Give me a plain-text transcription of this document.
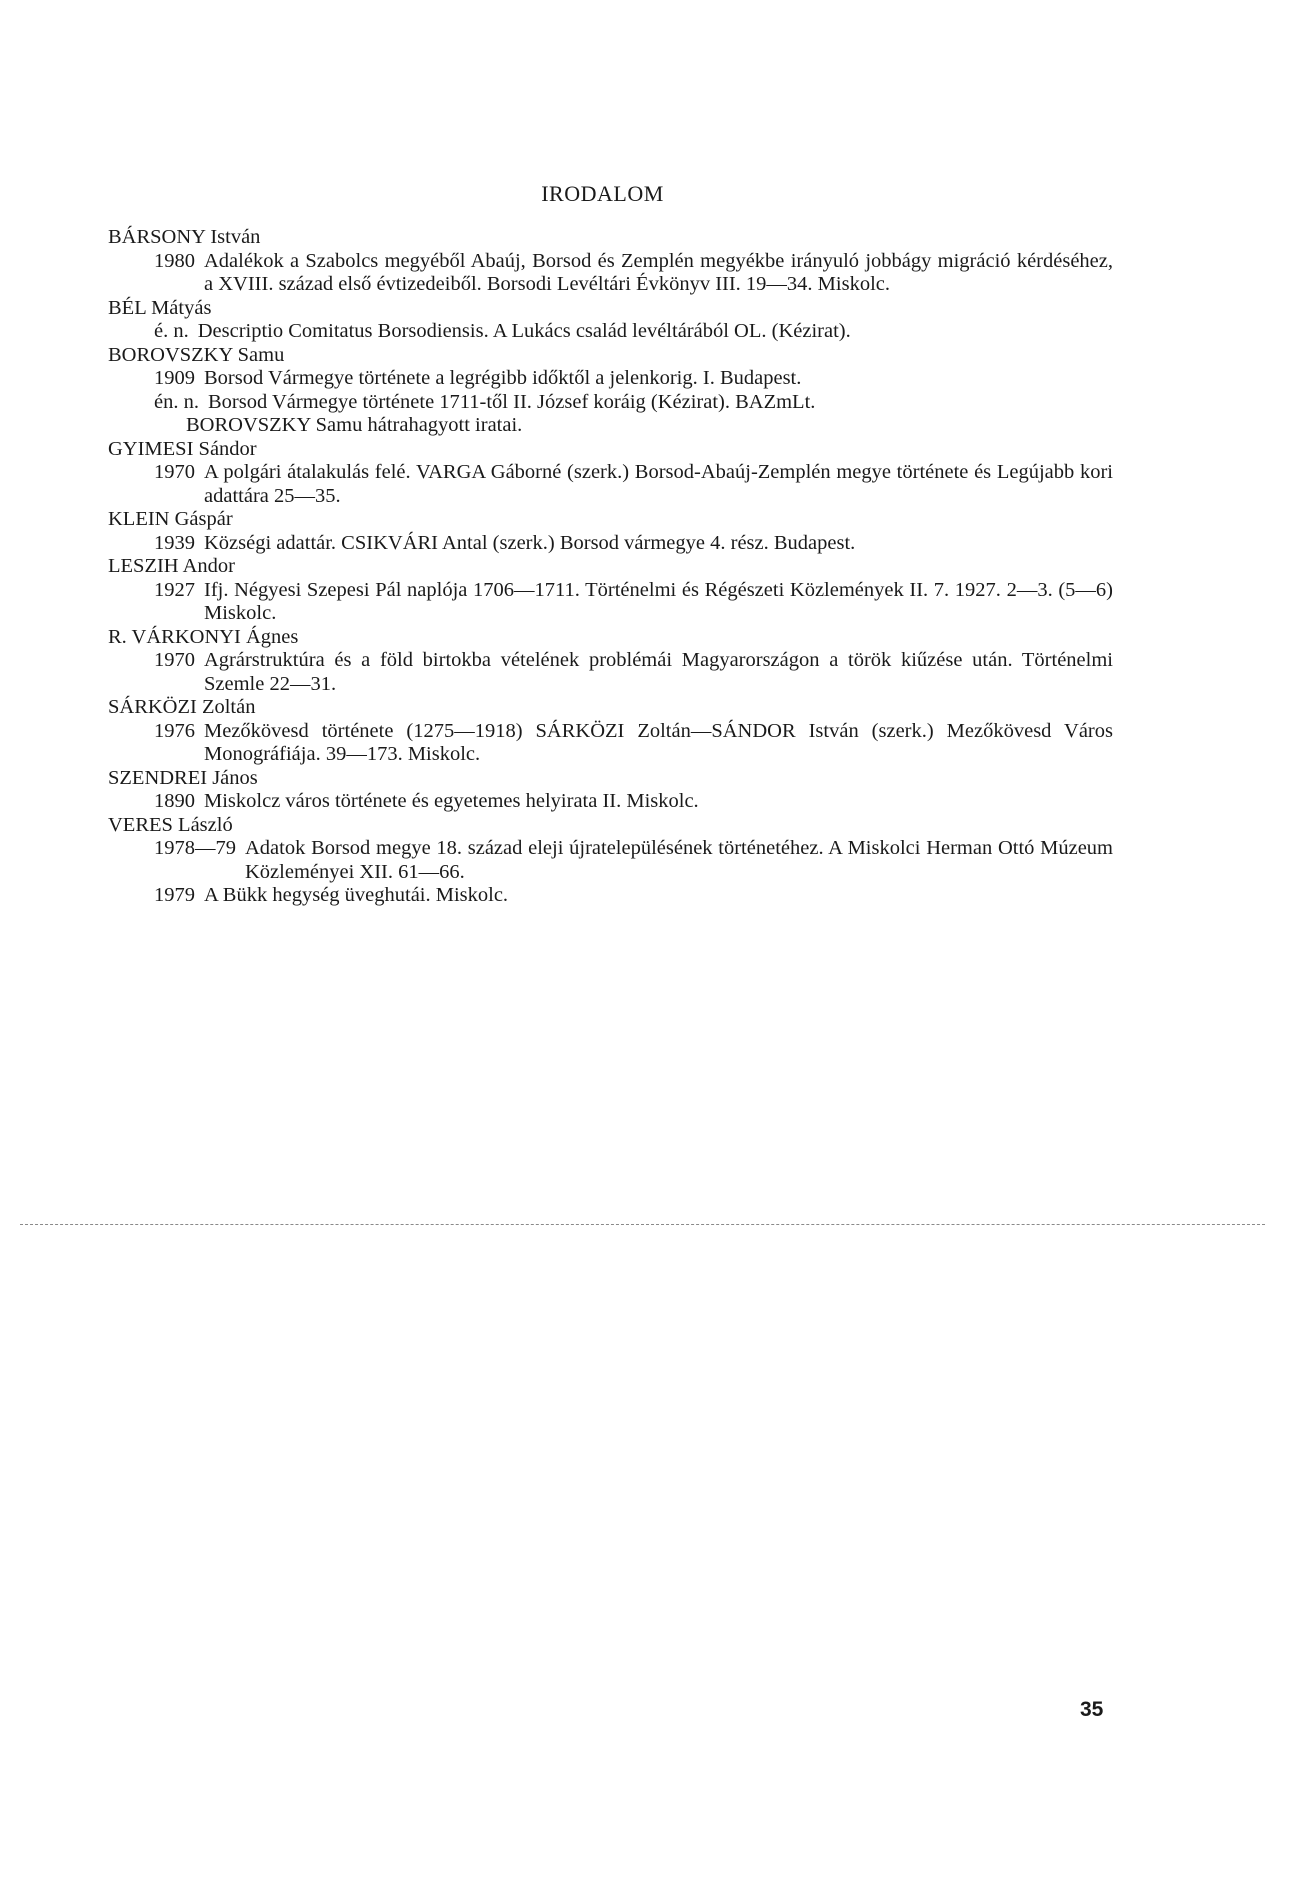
IRODALOM
BÁRSONY István
1980 Adalékok a Szabolcs megyéből Abaúj, Borsod és Zemplén megyékbe irányuló jobbágy migráció kérdéséhez, a XVIII. század első évtizedeiből. Borsodi Levéltári Évkönyv III. 19—34. Miskolc.
BÉL Mátyás
é. n. Descriptio Comitatus Borsodiensis. A Lukács család levéltárából OL. (Kézirat).
BOROVSZKY Samu
1909 Borsod Vármegye története a legrégibb időktől a jelenkorig. I. Budapest.
én. n. Borsod Vármegye története 1711-től II. József koráig (Kézirat). BAZmLt.
BOROVSZKY Samu hátrahagyott iratai.
GYIMESI Sándor
1970 A polgári átalakulás felé. VARGA Gáborné (szerk.) Borsod-Abaúj-Zemplén megye története és Legújabb kori adattára 25—35.
KLEIN Gáspár
1939 Községi adattár. CSIKVÁRI Antal (szerk.) Borsod vármegye 4. rész. Budapest.
LESZIH Andor
1927 Ifj. Négyesi Szepesi Pál naplója 1706—1711. Történelmi és Régészeti Közlemények II. 7. 1927. 2—3. (5—6) Miskolc.
R. VÁRKONYI Ágnes
1970 Agrárstruktúra és a föld birtokba vételének problémái Magyarországon a török kiűzése után. Történelmi Szemle 22—31.
SÁRKÖZI Zoltán
1976 Mezőkövesd története (1275—1918) SÁRKÖZI Zoltán—SÁNDOR István (szerk.) Mezőkövesd Város Monográfiája. 39—173. Miskolc.
SZENDREI János
1890 Miskolcz város története és egyetemes helyirata II. Miskolc.
VERES László
1978—79 Adatok Borsod megye 18. század eleji újratelepülésének történetéhez. A Miskolci Herman Ottó Múzeum Közleményei XII. 61—66.
1979 A Bükk hegység üveghutái. Miskolc.
35
